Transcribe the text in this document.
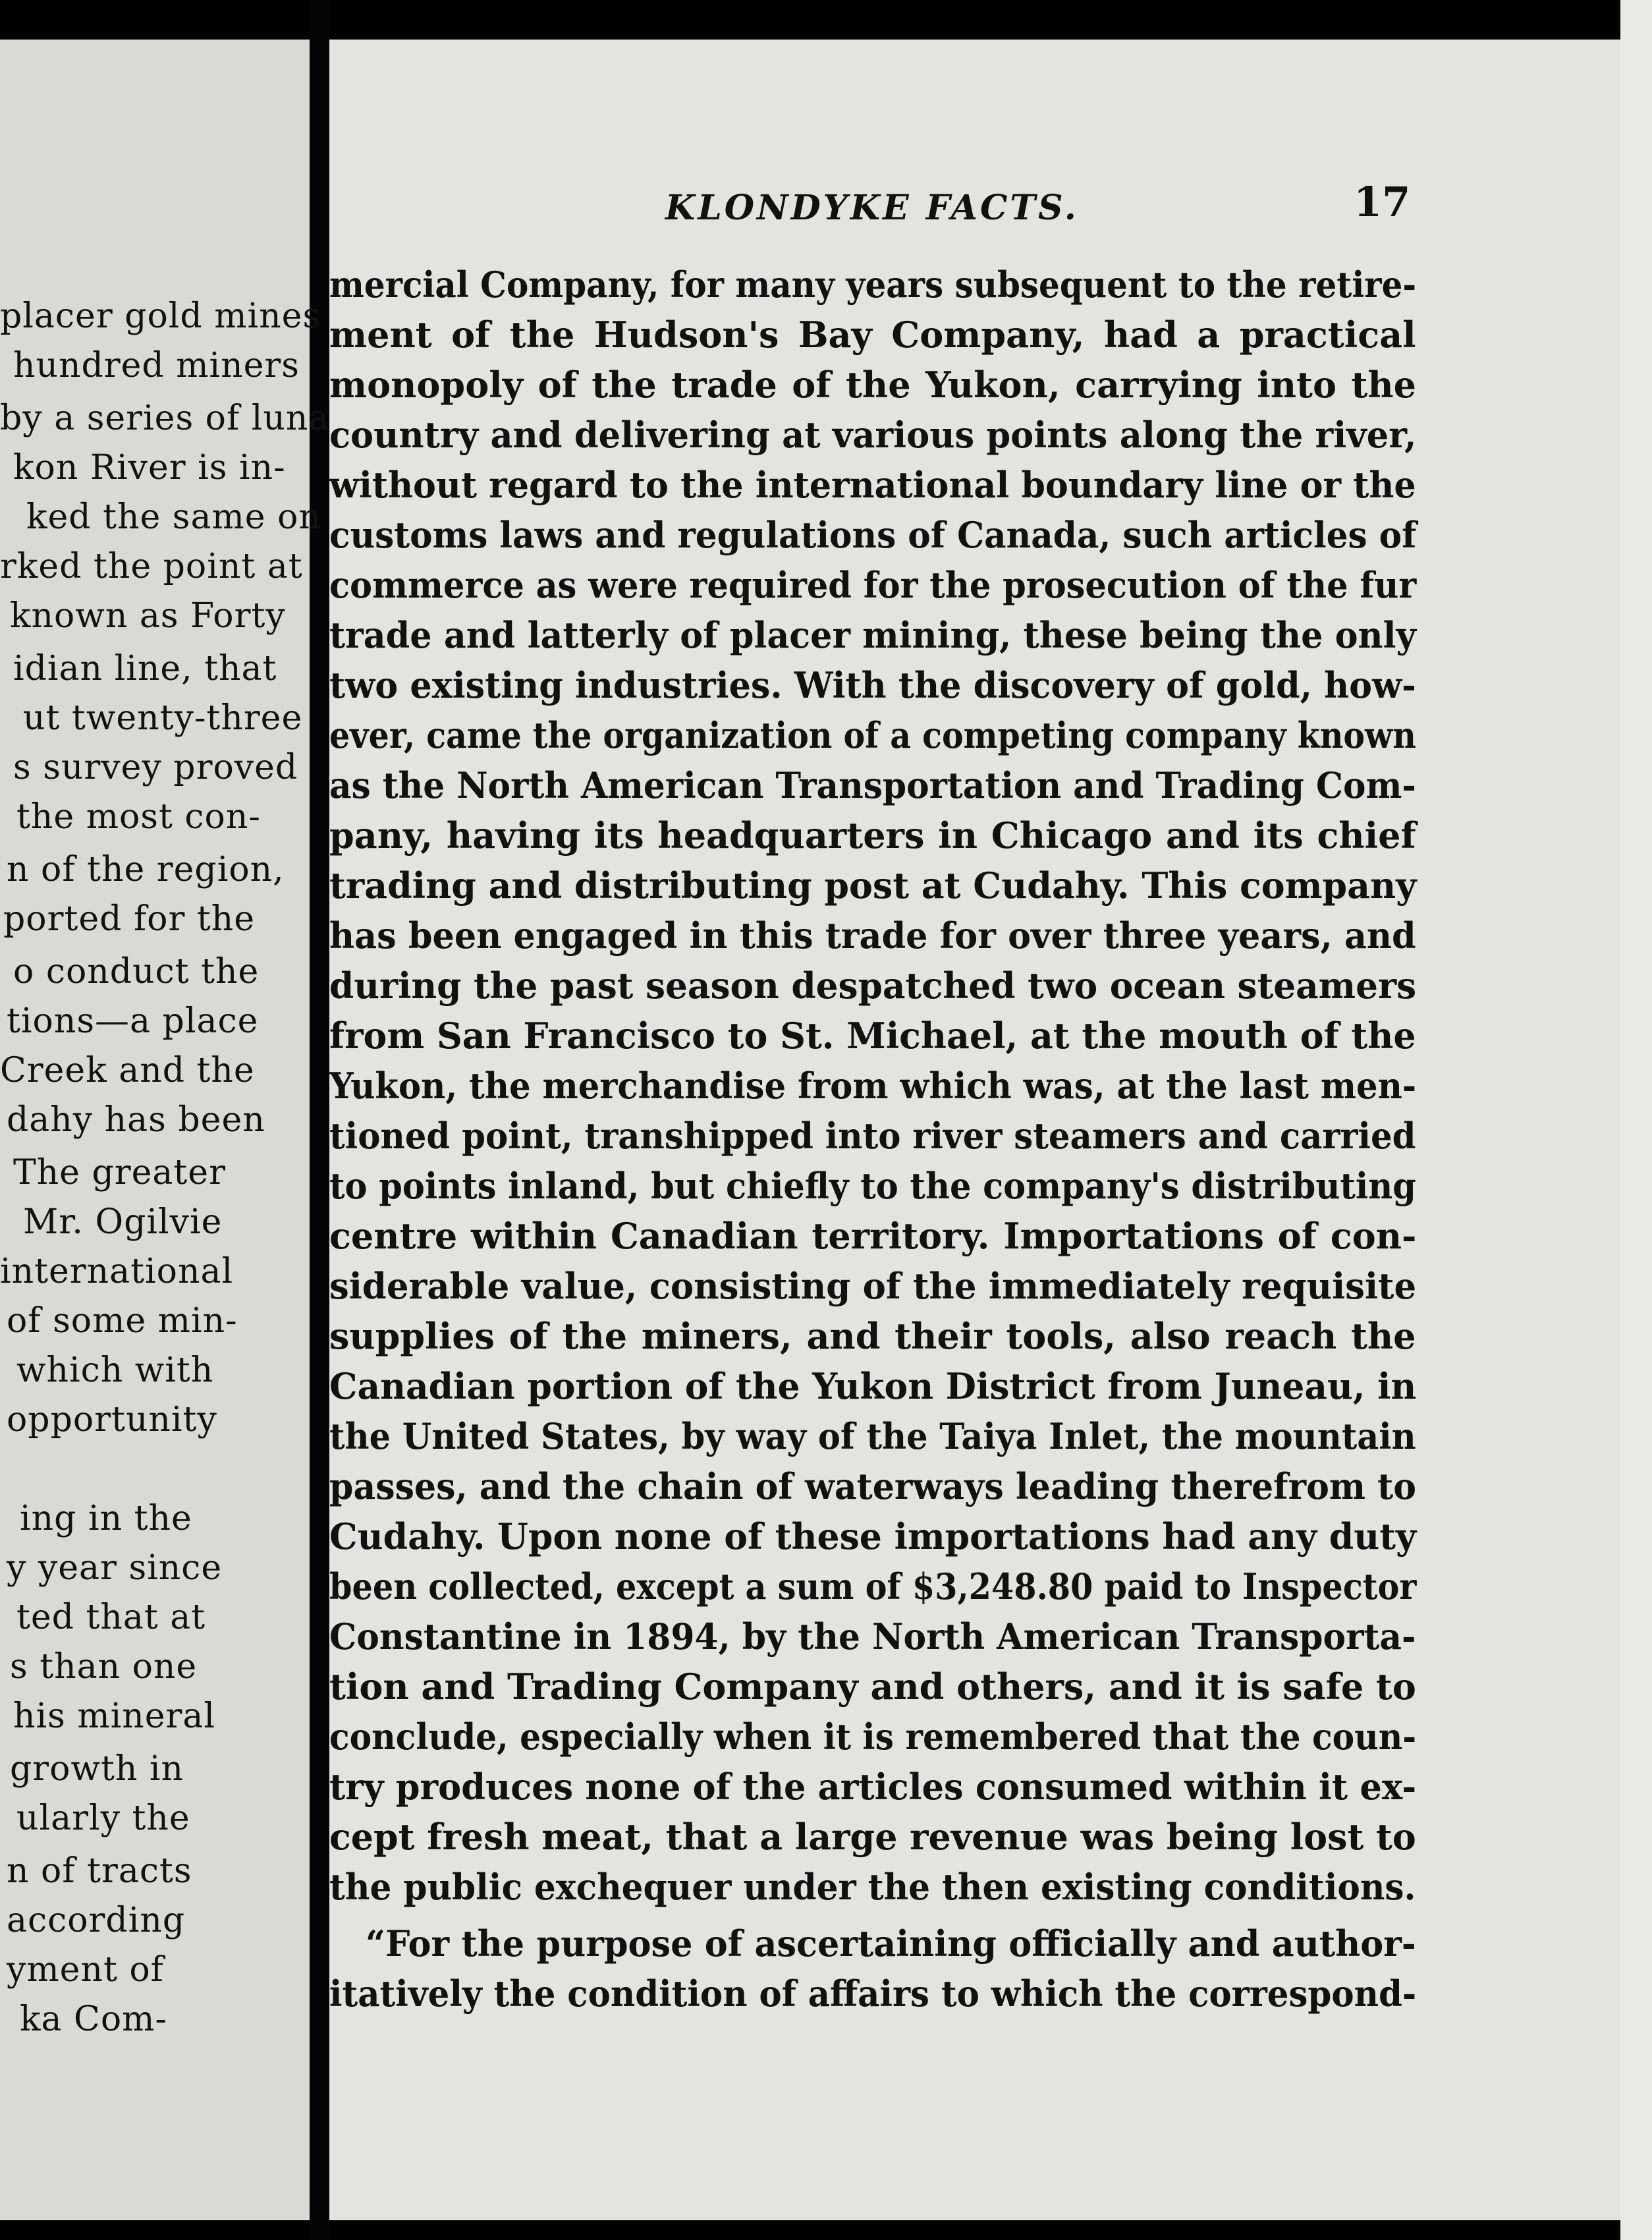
KLONDYKE FACTS.	17
placer gold mines
hundred miners
by a series of luna
kon River is in-
ked the same on
rked the point at
known as Forty
idian line, that
ut twenty-three
s survey proved
the most con-
n of the region,
ported for the
o conduct the
tions—a place
Creek and the
dahy has been
The greater
Mr. Ogilvie
international
of some min-
which with
opportunity
ing in the
y year since
ted that at
s than one
his mineral
growth in
ularly the
n of tracts
according
yment of
ka Com-
mercial Company, for many years subsequent to the retire-
ment of the Hudson's Bay Company, had a practical
monopoly of the trade of the Yukon, carrying into the
country and delivering at various points along the river,
without regard to the international boundary line or the
customs laws and regulations of Canada, such articles of
commerce as were required for the prosecution of the fur
trade and latterly of placer mining, these being the only
two existing industries. With the discovery of gold, how-
ever, came the organization of a competing company known
as the North American Transportation and Trading Com-
pany, having its headquarters in Chicago and its chief
trading and distributing post at Cudahy. This company
has been engaged in this trade for over three years, and
during the past season despatched two ocean steamers
from San Francisco to St. Michael, at the mouth of the
Yukon, the merchandise from which was, at the last men-
tioned point, transhipped into river steamers and carried
to points inland, but chiefly to the company's distributing
centre within Canadian territory. Importations of con-
siderable value, consisting of the immediately requisite
supplies of the miners, and their tools, also reach the
Canadian portion of the Yukon District from Juneau, in
the United States, by way of the Taiya Inlet, the mountain
passes, and the chain of waterways leading therefrom to
Cudahy. Upon none of these importations had any duty
been collected, except a sum of $3,248.80 paid to Inspector
Constantine in 1894, by the North American Transporta-
tion and Trading Company and others, and it is safe to
conclude, especially when it is remembered that the coun-
try produces none of the articles consumed within it ex-
cept fresh meat, that a large revenue was being lost to
the public exchequer under the then existing conditions.
“For the purpose of ascertaining officially and author-
itatively the condition of affairs to which the correspond-
